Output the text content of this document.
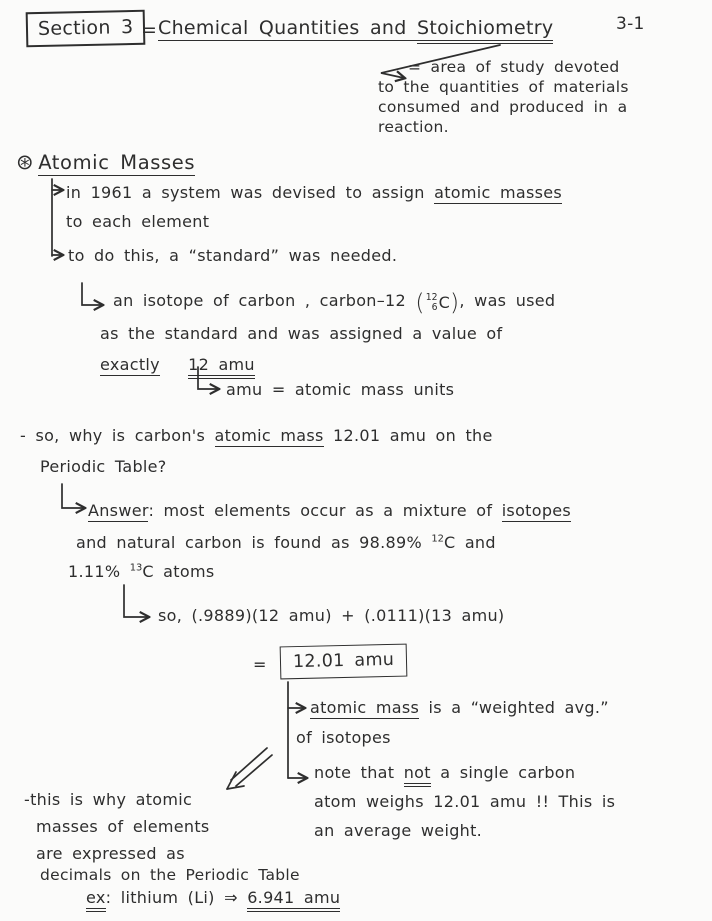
Section 3 = Chemical Quantities and Stoichiometry	3-1
= area of study devoted
to the quantities of materials
consumed and produced in a
reaction.
⊛ Atomic Masses
in 1961 a system was devised to assign atomic masses
to each element
to do this, a “standard” was needed.
an isotope of carbon , carbon–12 ( 12
6 C ) , was used
as the standard and was assigned a value of
exactly 12 amu
amu = atomic mass units
- so, why is carbon's atomic mass 12.01 amu on the
Periodic Table?
Answer: most elements occur as a mixture of isotopes
and natural carbon is found as 98.89% $^{12}$C and
1.11% $^{13}$C atoms
so, (.9889)(12 amu) + (.0111)(13 amu)
=	12.01 amu
atomic mass is a “weighted avg.”
of isotopes
note that not a single carbon
atom weighs 12.01 amu !! This is
an average weight.
-this is why atomic
masses of elements
are expressed as
decimals on the Periodic Table
ex: lithium (Li) ⇒ 6.941 amu
